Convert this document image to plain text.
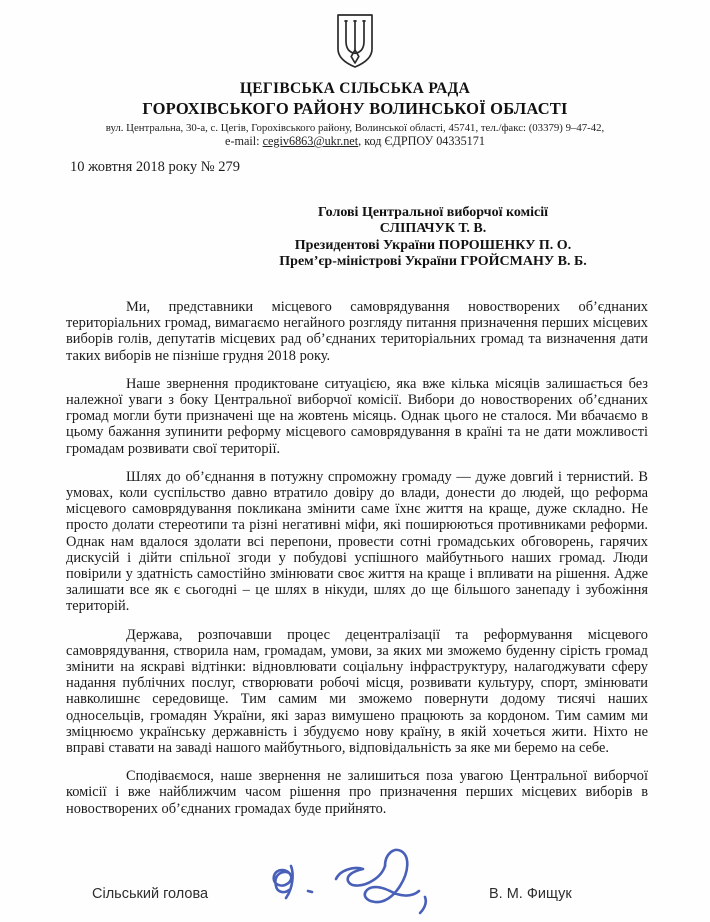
ЦЕГІВСЬКА СІЛЬСЬКА РАДА
ГОРОХІВСЬКОГО РАЙОНУ ВОЛИНСЬКОЇ ОБЛАСТІ
вул. Центральна, 30-а, с. Цегів, Горохівського району, Волинської області, 45741, тел./факс: (03379) 9–47-42,
e-mail: cegiv6863@ukr.net, код ЄДРПОУ 04335171
10 жовтня 2018 року № 279
Голові Центральної виборчої комісії
СЛІПАЧУК Т. В.
Президентові України ПОРОШЕНКУ П. О.
Прем’єр-міністрові України ГРОЙСМАНУ В. Б.

Ми, представники місцевого самоврядування новостворених об’єднаних територіальних громад, вимагаємо негайного розгляду питання призначення перших місцевих виборів голів, депутатів місцевих рад об’єднаних територіальних громад та визначення дати таких виборів не пізніше грудня 2018 року.

Наше звернення продиктоване ситуацією, яка вже кілька місяців залишається без належної уваги з боку Центральної виборчої комісії. Вибори до новостворених об’єднаних громад могли бути призначені ще на жовтень місяць. Однак цього не сталося. Ми вбачаємо в цьому бажання зупинити реформу місцевого самоврядування в країні та не дати можливості громадам розвивати свої території.

Шлях до об’єднання в потужну спроможну громаду — дуже довгий і тернистий. В умовах, коли суспільство давно втратило довіру до влади, донести до людей, що реформа місцевого самоврядування покликана змінити саме їхнє життя на краще, дуже складно. Не просто долати стереотипи та різні негативні міфи, які поширюються противниками реформи. Однак нам вдалося здолати всі перепони, провести сотні громадських обговорень, гарячих дискусій і дійти спільної згоди у побудові успішного майбутнього наших громад. Люди повірили у здатність самостійно змінювати своє життя на краще і впливати на рішення. Адже залишати все як є сьогодні – це шлях в нікуди, шлях до ще більшого занепаду і зубожіння територій.

Держава, розпочавши процес децентралізації та реформування місцевого самоврядування, створила нам, громадам, умови, за яких ми зможемо буденну сірість громад змінити на яскраві відтінки: відновлювати соціальну інфраструктуру, налагоджувати сферу надання публічних послуг, створювати робочі місця, розвивати культуру, спорт, змінювати навколишнє середовище. Тим самим ми зможемо повернути додому тисячі наших односельців, громадян України, які зараз вимушено працюють за кордоном. Тим самим ми зміцнюємо українську державність і збудуємо нову країну, в якій хочеться жити. Ніхто не вправі ставати на заваді нашого майбутнього, відповідальність за яке ми беремо на себе.

Сподіваємося, наше звернення не залишиться поза увагою Центральної виборчої комісії і вже найближчим часом рішення про призначення перших місцевих виборів в новостворених об’єднаних громадах буде прийнято.

Сільський голова	В. М. Фищук
